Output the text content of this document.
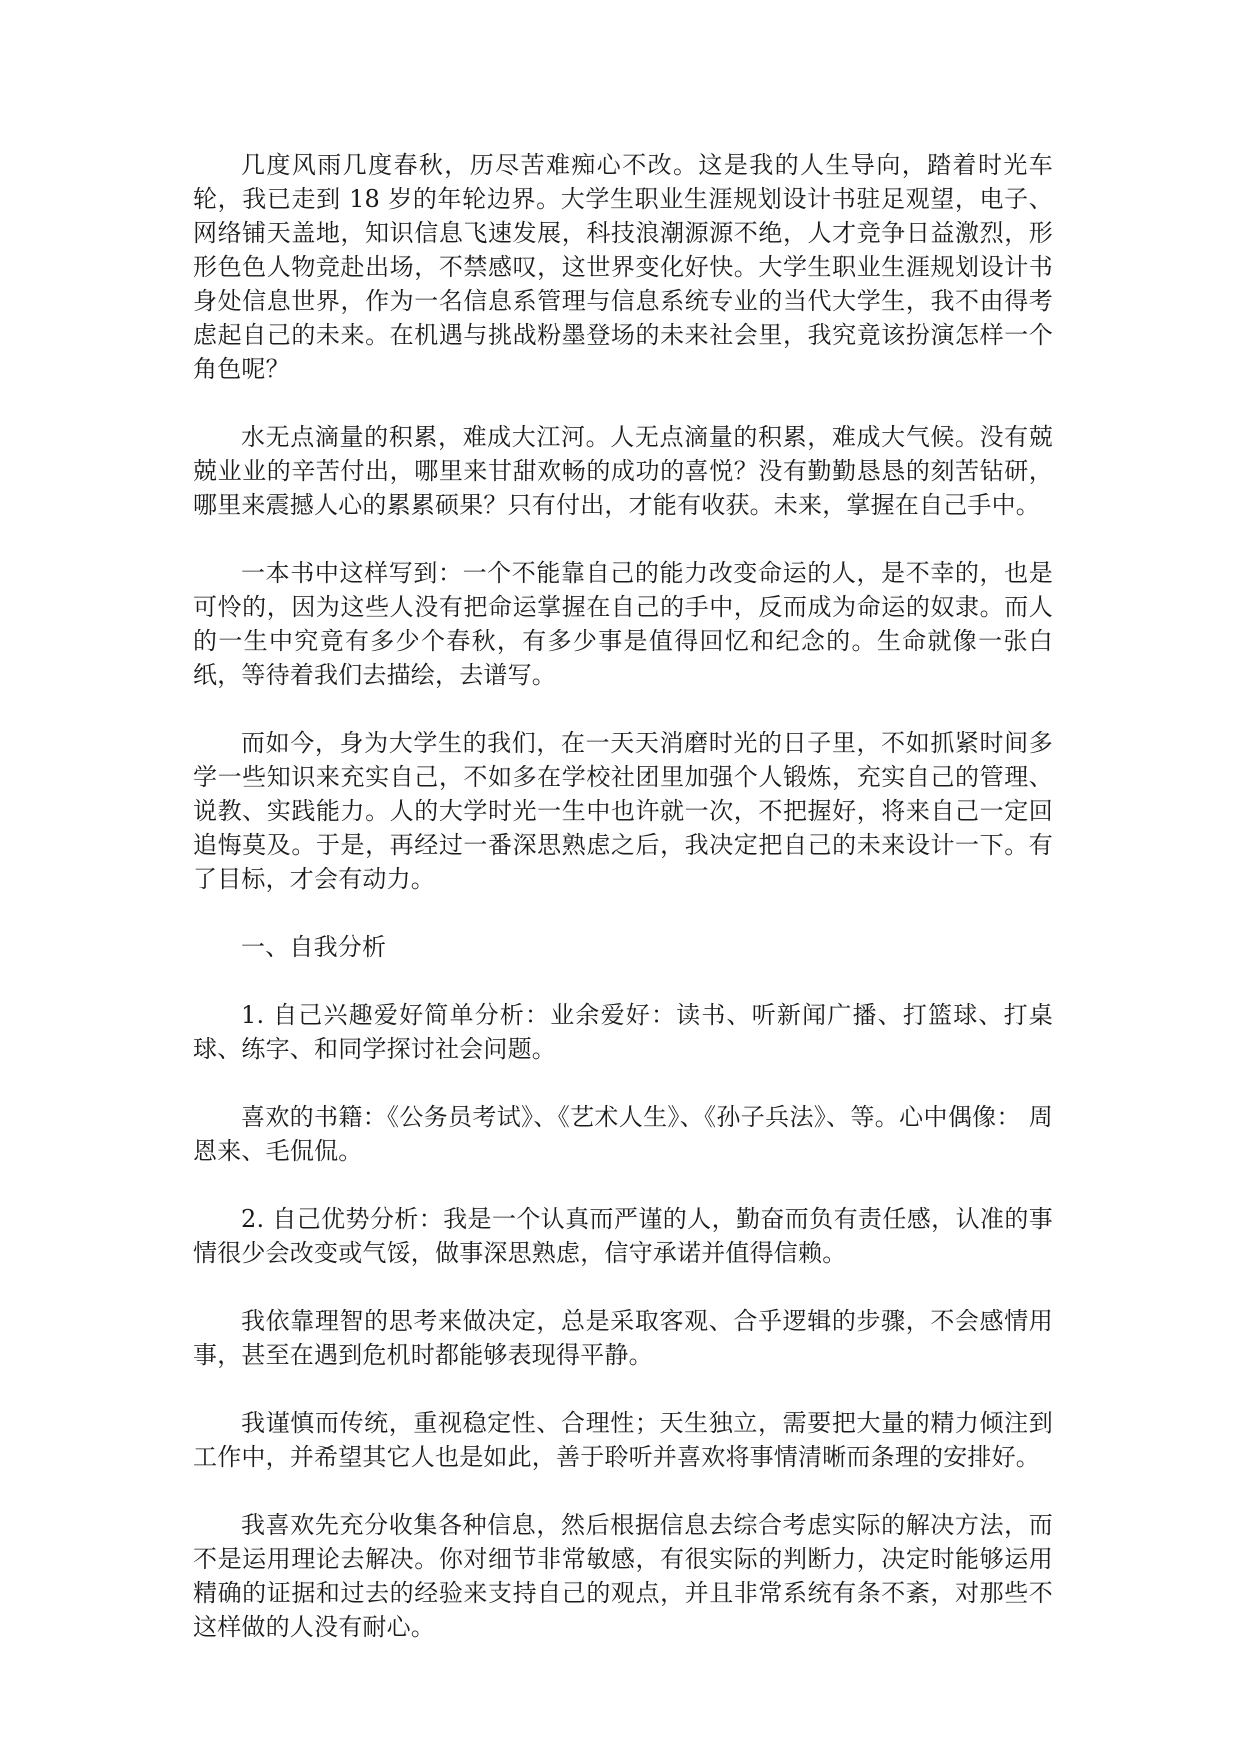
几度风雨几度春秋，历尽苦难痴心不改。这是我的人生导向，踏着时光车轮，我已走到 18 岁的年轮边界。大学生职业生涯规划设计书驻足观望，电子、网络铺天盖地，知识信息飞速发展，科技浪潮源源不绝，人才竞争日益激烈，形形色色人物竞赴出场，不禁感叹，这世界变化好快。大学生职业生涯规划设计书身处信息世界，作为一名信息系管理与信息系统专业的当代大学生，我不由得考虑起自己的未来。在机遇与挑战粉墨登场的未来社会里，我究竟该扮演怎样一个角色呢？

水无点滴量的积累，难成大江河。人无点滴量的积累，难成大气候。没有兢兢业业的辛苦付出，哪里来甘甜欢畅的成功的喜悦？没有勤勤恳恳的刻苦钻研，哪里来震撼人心的累累硕果？只有付出，才能有收获。未来，掌握在自己手中。

一本书中这样写到：一个不能靠自己的能力改变命运的人，是不幸的，也是可怜的，因为这些人没有把命运掌握在自己的手中，反而成为命运的奴隶。而人的一生中究竟有多少个春秋，有多少事是值得回忆和纪念的。生命就像一张白纸，等待着我们去描绘，去谱写。

而如今，身为大学生的我们，在一天天消磨时光的日子里，不如抓紧时间多学一些知识来充实自己，不如多在学校社团里加强个人锻炼，充实自己的管理、说教、实践能力。人的大学时光一生中也许就一次，不把握好，将来自己一定回追悔莫及。于是，再经过一番深思熟虑之后，我决定把自己的未来设计一下。有了目标，才会有动力。

一、自我分析

1. 自己兴趣爱好简单分析：业余爱好：读书、听新闻广播、打篮球、打桌球、练字、和同学探讨社会问题。

喜欢的书籍：《公务员考试》、《艺术人生》、《孙子兵法》、等。心中偶像： 周恩来、毛侃侃。

2. 自己优势分析：我是一个认真而严谨的人，勤奋而负有责任感，认准的事情很少会改变或气馁，做事深思熟虑，信守承诺并值得信赖。

我依靠理智的思考来做决定，总是采取客观、合乎逻辑的步骤，不会感情用事，甚至在遇到危机时都能够表现得平静。

我谨慎而传统，重视稳定性、合理性；天生独立，需要把大量的精力倾注到工作中，并希望其它人也是如此，善于聆听并喜欢将事情清晰而条理的安排好。

我喜欢先充分收集各种信息，然后根据信息去综合考虑实际的解决方法，而不是运用理论去解决。你对细节非常敏感，有很实际的判断力，决定时能够运用精确的证据和过去的经验来支持自己的观点，并且非常系统有条不紊，对那些不这样做的人没有耐心。
